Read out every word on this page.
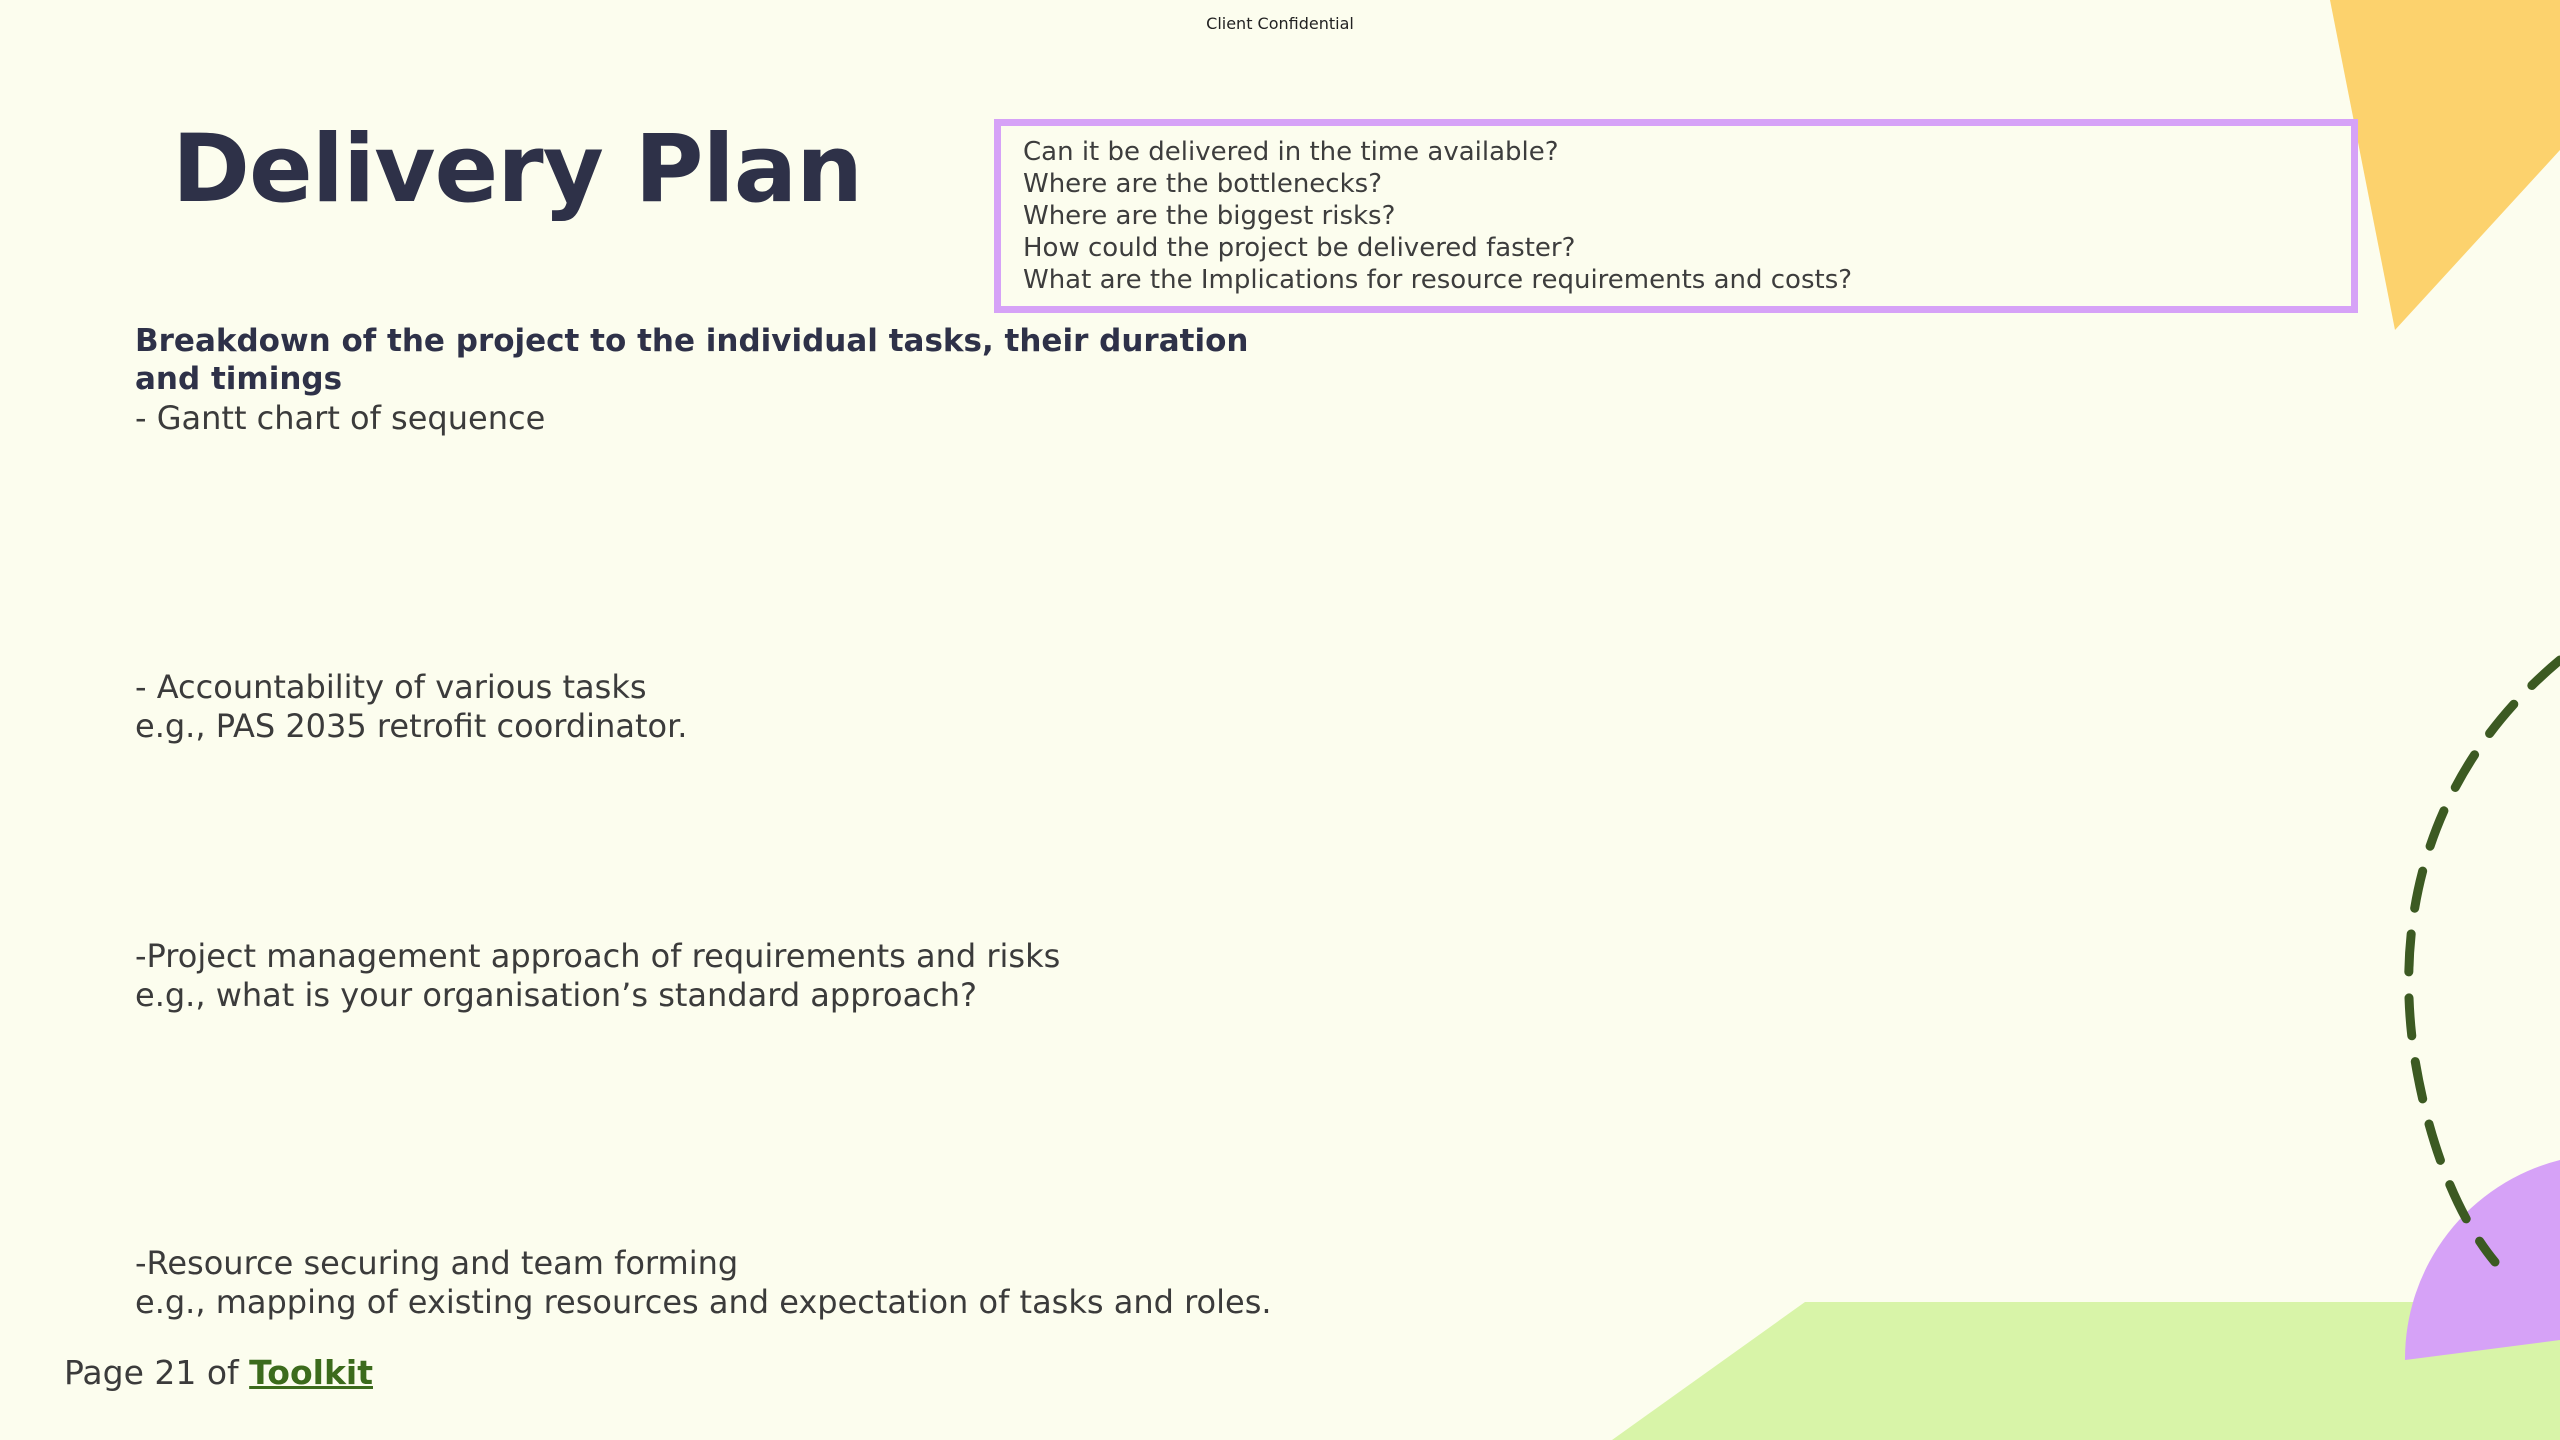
Client Confidential
Delivery Plan	Can it be delivered in the time available?
Where are the bottlenecks?
Where are the biggest risks?
How could the project be delivered faster?
What are the Implications for resource requirements and costs?
Breakdown of the project to the individual tasks, their duration and timings
- Gantt chart of sequence
- Accountability of various tasks
e.g., PAS 2035 retrofit coordinator.
-Project management approach of requirements and risks
e.g., what is your organisation’s standard approach?
-Resource securing and team forming
e.g., mapping of existing resources and expectation of tasks and roles.
Page 21 of Toolkit
